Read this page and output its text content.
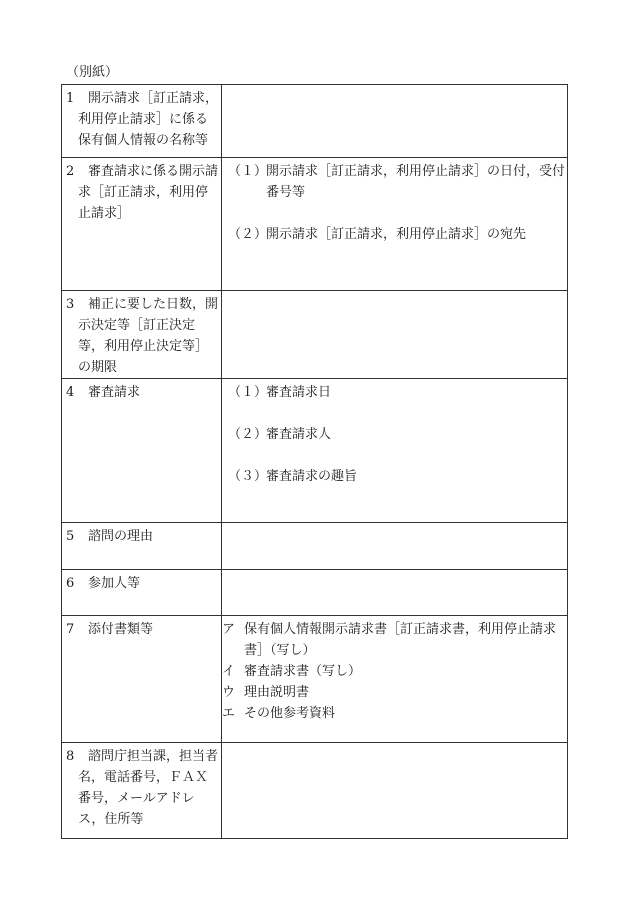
（別紙）
1 開示請求［訂正請求，利用停止請求］に係る保有個人情報の名称等	

2 審査請求に係る開示請求［訂正請求，利用停止請求］	（１）開示請求［訂正請求，利用停止請求］の日付，受付番号等
（２）開示請求［訂正請求，利用停止請求］の宛先

3 補正に要した日数，開示決定等［訂正決定等，利用停止決定等］の期限	

4 審査請求	（１）審査請求日
（２）審査請求人
（３）審査請求の趣旨

5 諮問の理由	

6 参加人等	

7 添付書類等	ア 保有個人情報開示請求書［訂正請求書，利用停止請求書］（写し）
イ 審査請求書（写し）
ウ 理由説明書
エ その他参考資料

8 諮問庁担当課，担当者名，電話番号，ＦＡＸ番号，メールアドレス，住所等	
